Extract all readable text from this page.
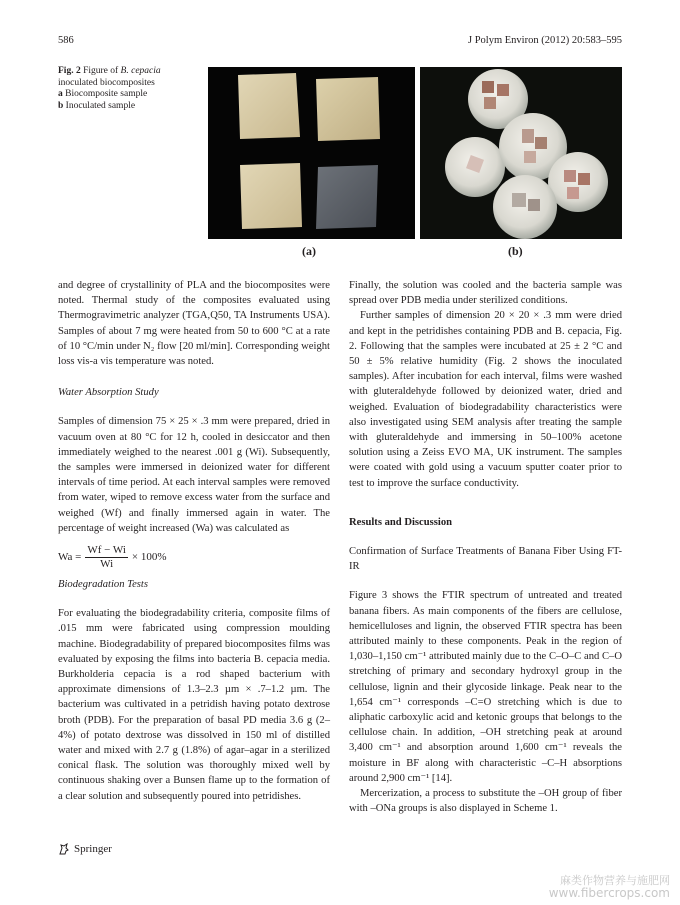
586	J Polym Environ (2012) 20:583–595
Fig. 2 Figure of B. cepacia
inoculated biocomposites
a Biocomposite sample
b Inoculated sample
(a)	(b)

and degree of crystallinity of PLA and the biocomposites were noted. Thermal study of the composites evaluated using Thermogravimetric analyzer (TGA,Q50, TA Instruments USA). Samples of about 7 mg were heated from 50 to 600 °C at a rate of 10 °C/min under N₂ flow [20 ml/min]. Corresponding weight loss vis-a vis temperature was noted.

Water Absorption Study

Samples of dimension 75 × 25 × .3 mm were prepared, dried in vacuum oven at 80 °C for 12 h, cooled in desiccator and then immediately weighed to the nearest .001 g (Wi). Subsequently, the samples were immersed in deionized water for different intervals of time period. At each interval samples were removed from water, wiped to remove excess water from the surface and weighed (Wf) and finally immersed again in water. The percentage of weight increased (Wa) was calculated as

$Wa = \frac{Wf - Wi}{Wi} \times 100\%$

Biodegradation Tests

For evaluating the biodegradability criteria, composite films of .015 mm were fabricated using compression moulding machine. Biodegradability of prepared biocomposites films was evaluated by exposing the films into bacteria B. cepacia media. Burkholderia cepacia is a rod shaped bacterium with approximate dimensions of 1.3–2.3 µm × .7–1.2 µm. The bacterium was cultivated in a petridish having potato dextrose broth (PDB). For the preparation of basal PD media 3.6 g (2–4%) of potato dextrose was dissolved in 150 ml of distilled water and mixed with 2.7 g (1.8%) of agar–agar in a sterilized conical flask. The solution was thoroughly mixed well by continuous shaking over a Bunsen flame up to the formation of a clear solution and subsequently poured into petridishes.

Finally, the solution was cooled and the bacteria sample was spread over PDB media under sterilized conditions.

Further samples of dimension 20 × 20 × .3 mm were dried and kept in the petridishes containing PDB and B. cepacia, Fig. 2. Following that the samples were incubated at 25 ± 2 °C and 50 ± 5% relative humidity (Fig. 2 shows the inoculated samples). After incubation for each interval, films were washed with gluteraldehyde followed by deionized water, dried and weighed. Evaluation of biodegradability characteristics were also investigated using SEM analysis after treating the sample with gluteraldehyde and immersing in 50–100% acetone solution using a Zeiss EVO MA, UK instrument. The samples were coated with gold using a vacuum sputter coater prior to test to improve the surface conductivity.

Results and Discussion

Confirmation of Surface Treatments of Banana Fiber Using FT-IR

Figure 3 shows the FTIR spectrum of untreated and treated banana fibers. As main components of the fibers are cellulose, hemicelluloses and lignin, the observed FTIR spectra has been attributed mainly to these components. Peak in the region of 1,030–1,150 cm⁻¹ attributed mainly due to the C–O–C and C–O stretching of primary and secondary hydroxyl group in the cellulose, lignin and their glycoside linkage. Peak near to the 1,654 cm⁻¹ corresponds –C=O stretching which is due to aliphatic carboxylic acid and ketonic groups that belongs to the cellulose chain. In addition, –OH stretching peak at around 3,400 cm⁻¹ and absorption around 1,600 cm⁻¹ reveals the moisture in BF along with characteristic –C–H absorptions around 2,900 cm⁻¹ [14].

Mercerization, a process to substitute the –OH group of fiber with –ONa groups is also displayed in Scheme 1.

Springer
麻类作物营养与施肥网
www.fibercrops.com
